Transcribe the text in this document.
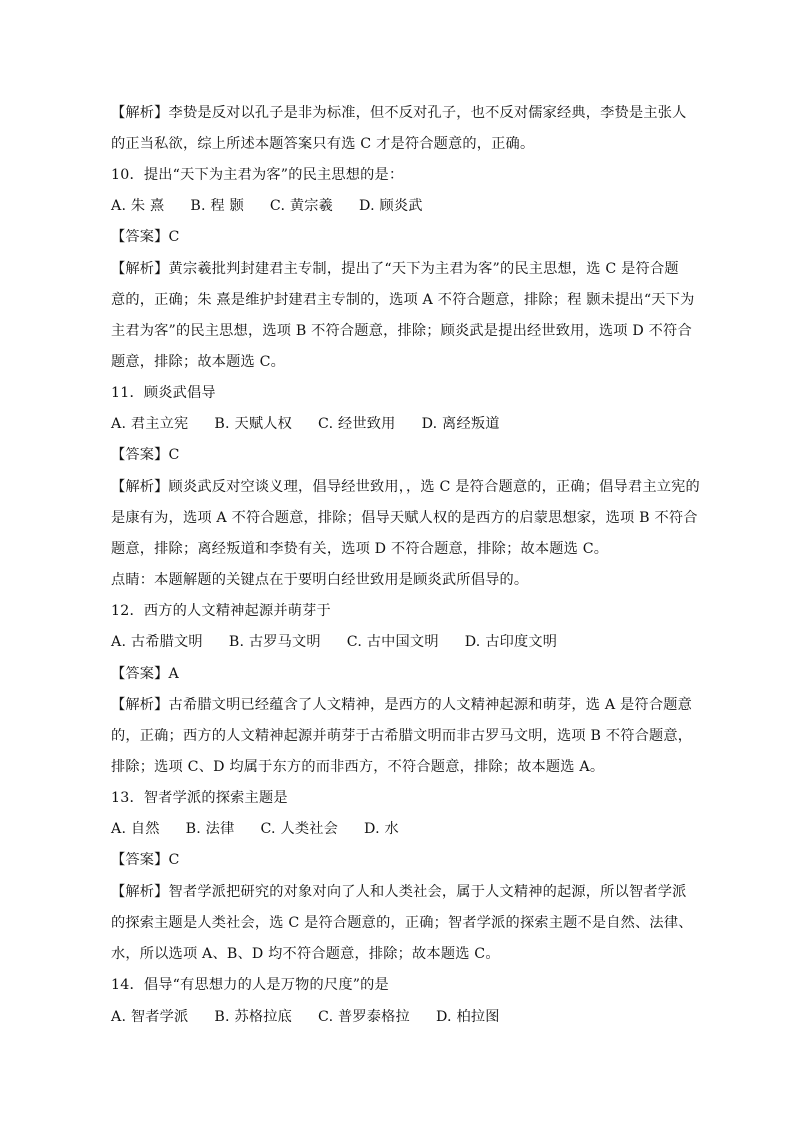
【解析】李贽是反对以孔子是非为标准，但不反对孔子，也不反对儒家经典，李贽是主张人
的正当私欲，综上所述本题答案只有选 C 才是符合题意的，正确。
10．提出“天下为主君为客”的民主思想的是：
A. 朱 熹 B. 程 颢 C. 黄宗羲 D. 顾炎武
【答案】C
【解析】黄宗羲批判封建君主专制，提出了“天下为主君为客”的民主思想，选 C 是符合题
意的，正确；朱 熹是维护封建君主专制的，选项 A 不符合题意，排除；程 颢未提出“天下为
主君为客”的民主思想，选项 B 不符合题意，排除；顾炎武是提出经世致用，选项 D 不符合
题意，排除；故本题选 C。
11．顾炎武倡导
A. 君主立宪 B. 天赋人权 C. 经世致用 D. 离经叛道
【答案】C
【解析】顾炎武反对空谈义理，倡导经世致用，，选 C 是符合题意的，正确；倡导君主立宪的
是康有为，选项 A 不符合题意，排除；倡导天赋人权的是西方的启蒙思想家，选项 B 不符合
题意，排除；离经叛道和李贽有关，选项 D 不符合题意，排除；故本题选 C。
点睛：本题解题的关键点在于要明白经世致用是顾炎武所倡导的。
12．西方的人文精神起源并萌芽于
A. 古希腊文明 B. 古罗马文明 C. 古中国文明 D. 古印度文明
【答案】A
【解析】古希腊文明已经蕴含了人文精神，是西方的人文精神起源和萌芽，选 A 是符合题意
的，正确；西方的人文精神起源并萌芽于古希腊文明而非古罗马文明，选项 B 不符合题意，
排除；选项 C、D 均属于东方的而非西方，不符合题意，排除；故本题选 A。
13．智者学派的探索主题是
A. 自然 B. 法律 C. 人类社会 D. 水
【答案】C
【解析】智者学派把研究的对象对向了人和人类社会，属于人文精神的起源，所以智者学派
的探索主题是人类社会，选 C 是符合题意的，正确；智者学派的探索主题不是自然、法律、
水，所以选项 A、B、D 均不符合题意，排除；故本题选 C。
14．倡导“有思想力的人是万物的尺度”的是
A. 智者学派 B. 苏格拉底 C. 普罗泰格拉 D. 柏拉图
